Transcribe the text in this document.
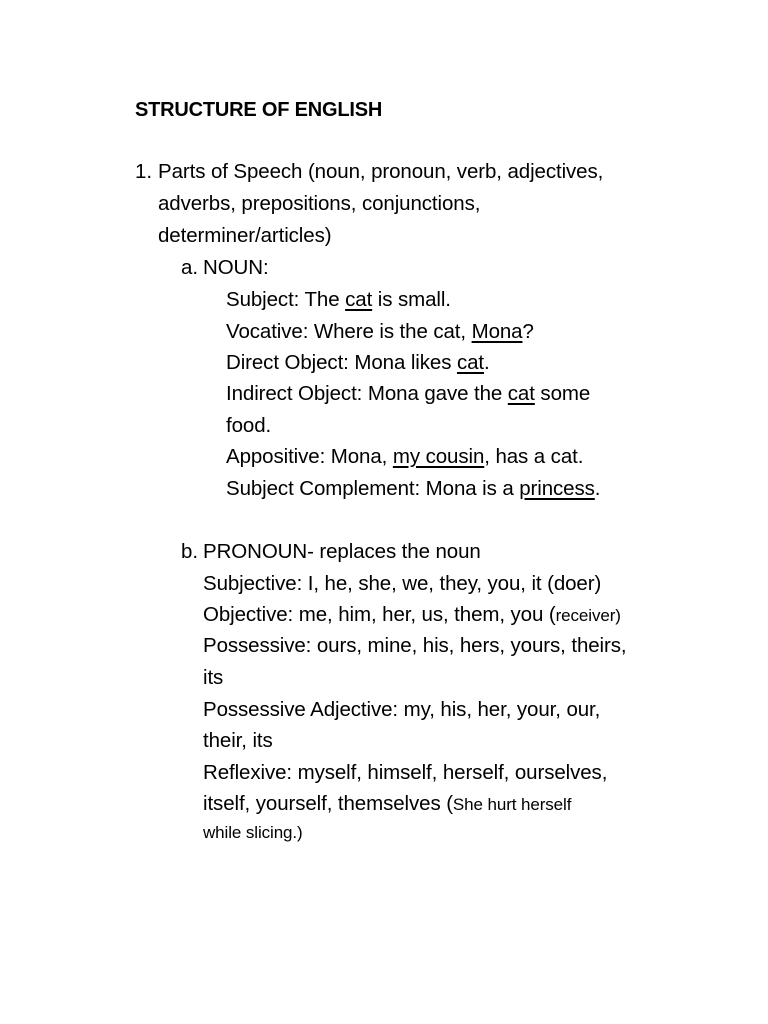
STRUCTURE OF ENGLISH
1. Parts of Speech (noun, pronoun, verb, adjectives,
adverbs, prepositions, conjunctions,
determiner/articles)
a. NOUN:
Subject: The cat is small.
Vocative: Where is the cat, Mona?
Direct Object: Mona likes cat.
Indirect Object: Mona gave the cat some
food.
Appositive: Mona, my cousin, has a cat.
Subject Complement: Mona is a princess.
b. PRONOUN- replaces the noun
Subjective: I, he, she, we, they, you, it (doer)
Objective: me, him, her, us, them, you (receiver)
Possessive: ours, mine, his, hers, yours, theirs,
its
Possessive Adjective: my, his, her, your, our,
their, its
Reflexive: myself, himself, herself, ourselves,
itself, yourself, themselves (She hurt herself
while slicing.)
